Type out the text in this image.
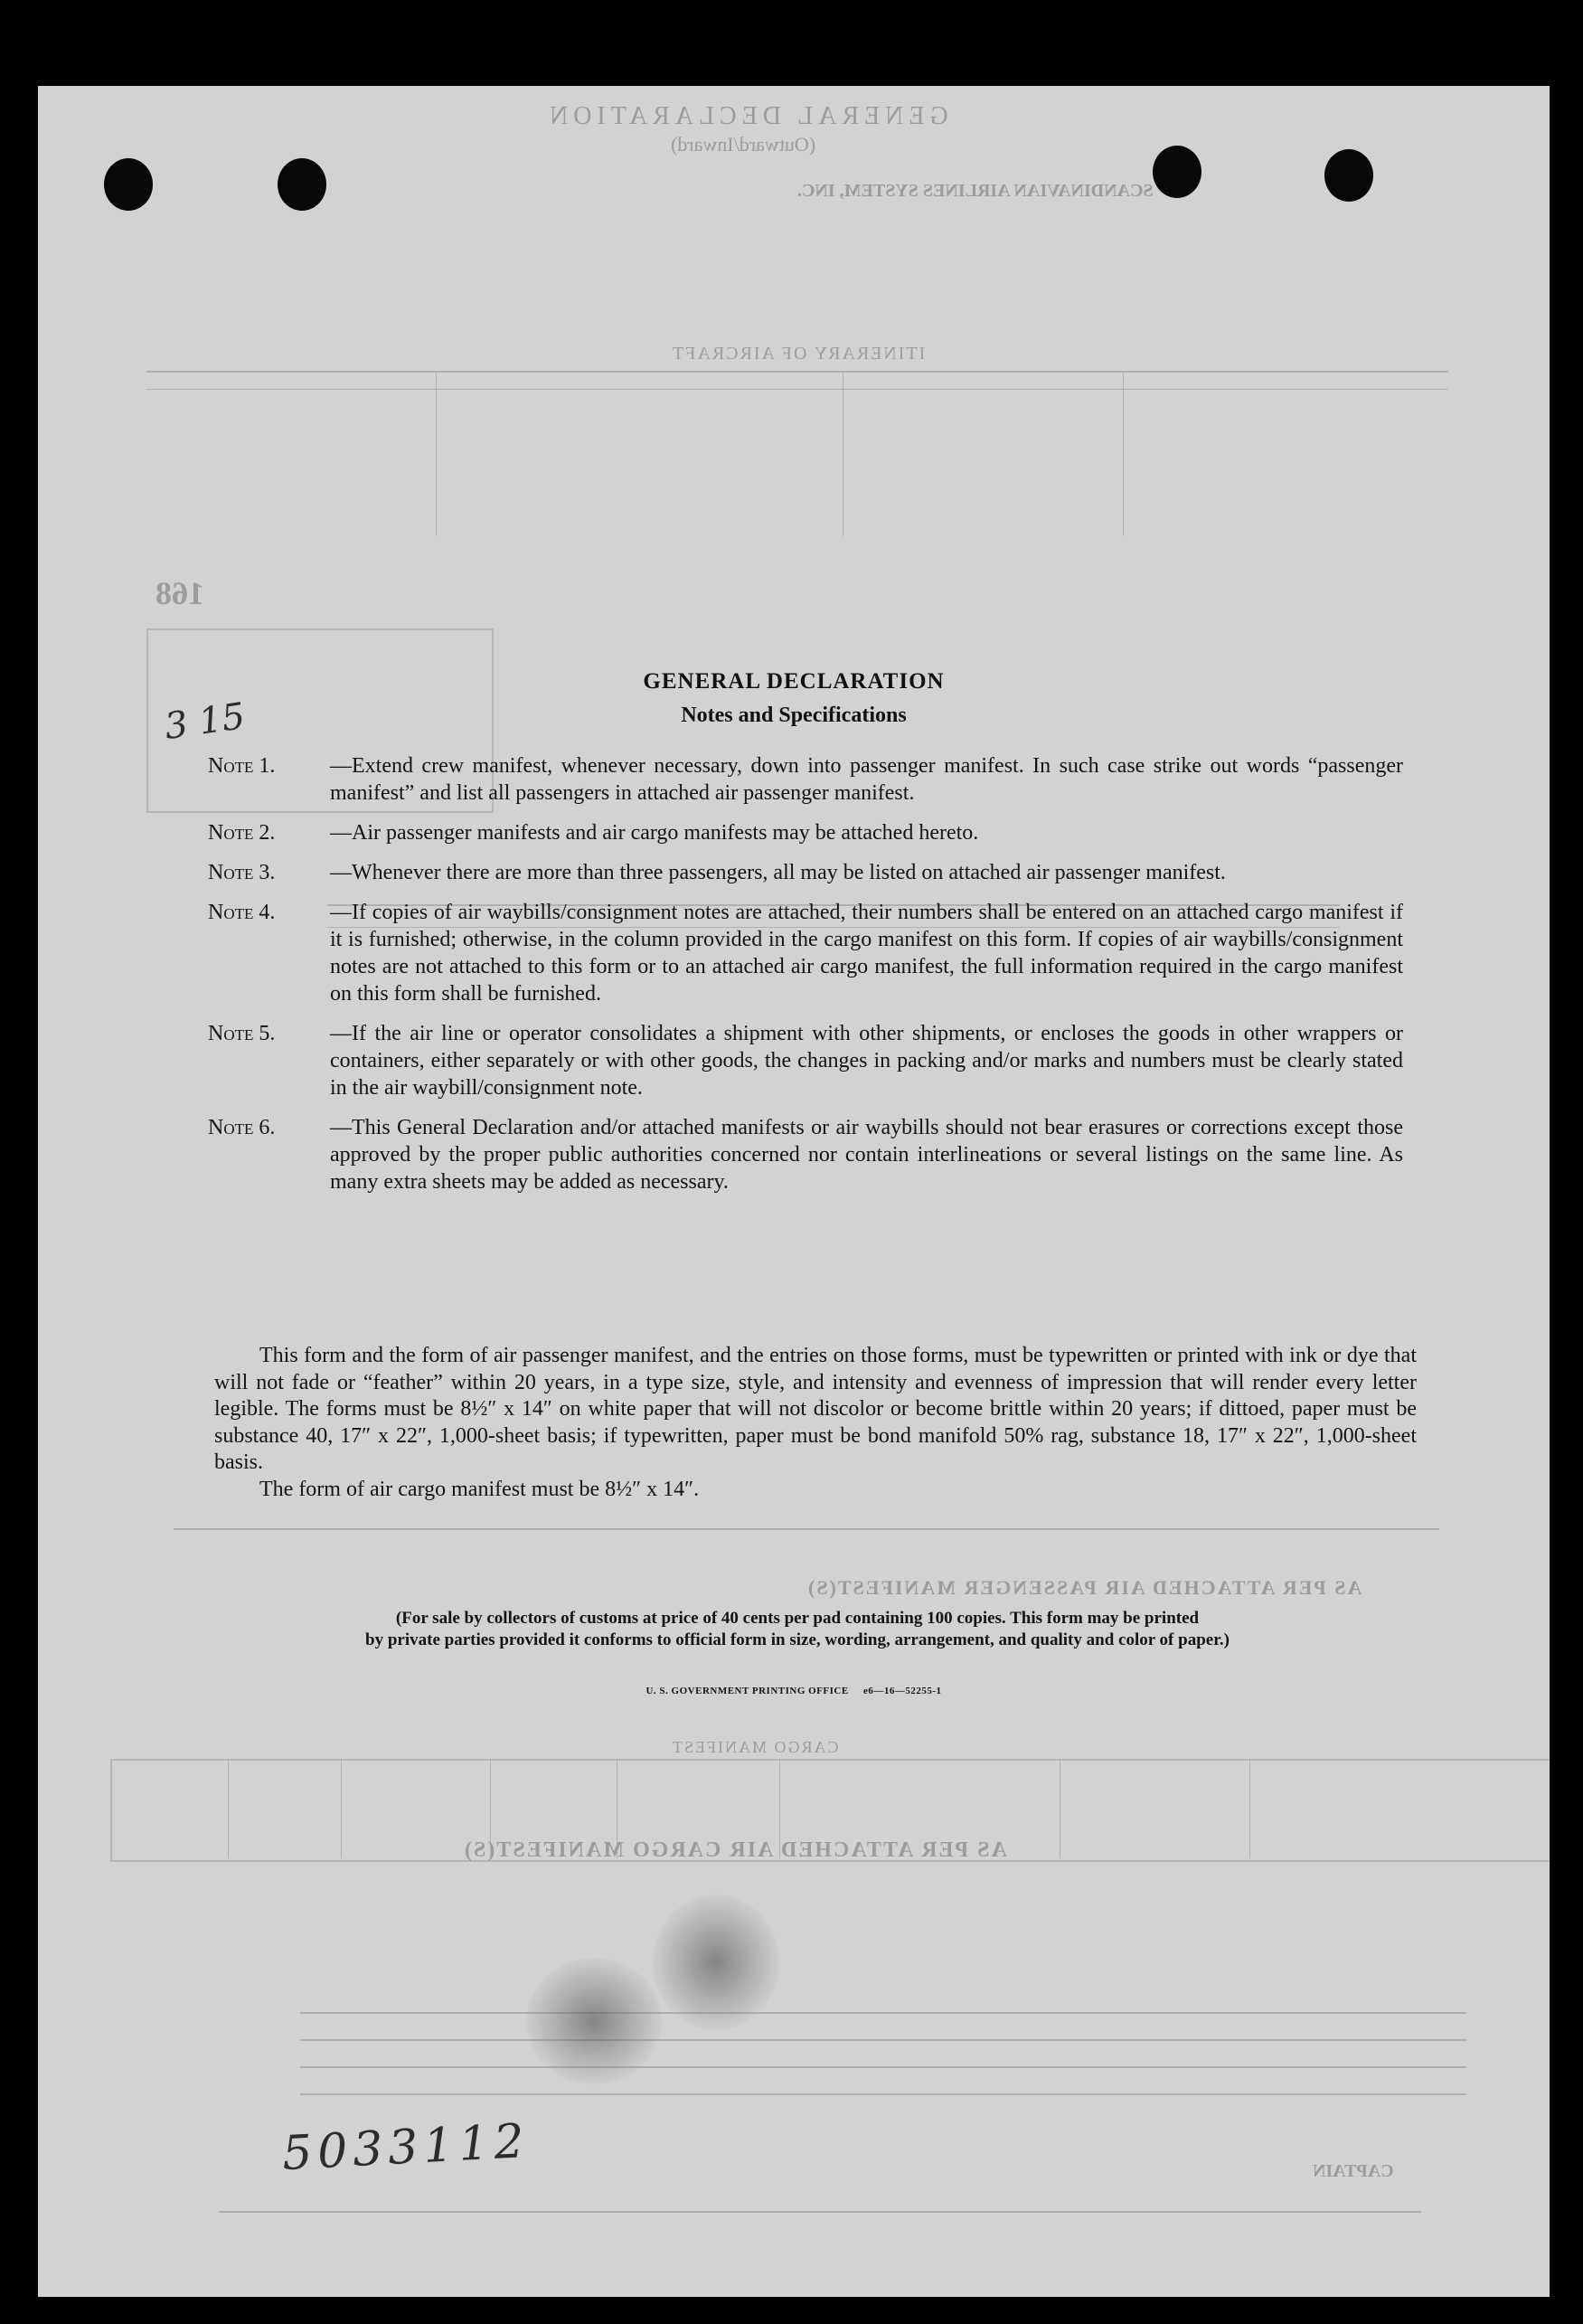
GENERAL DECLARATION
(Outward/Inward)
SCANDINAVIAN AIRLINES SYSTEM, INC.
ITINERARY OF AIRCRAFT
168
AS PER ATTACHED AIR PASSENGER MANIFEST(S)
CARGO MANIFEST
AS PER ATTACHED AIR CARGO MANIFEST(S)
CAPTAIN
3 15
5033112
GENERAL DECLARATION
Notes and Specifications
Note 1.	—Extend crew manifest, whenever necessary, down into passenger manifest. In such case strike out words “passenger manifest” and list all passengers in attached air passenger manifest.
Note 2.	—Air passenger manifests and air cargo manifests may be attached hereto.
Note 3.	—Whenever there are more than three passengers, all may be listed on attached air passenger manifest.
Note 4.	—If copies of air waybills/consignment notes are attached, their numbers shall be entered on an attached cargo manifest if it is furnished; otherwise, in the column provided in the cargo manifest on this form. If copies of air waybills/consignment notes are not attached to this form or to an attached air cargo manifest, the full information required in the cargo manifest on this form shall be furnished.
Note 5.	—If the air line or operator consolidates a shipment with other shipments, or encloses the goods in other wrappers or containers, either separately or with other goods, the changes in packing and/or marks and numbers must be clearly stated in the air waybill/consignment note.
Note 6.	—This General Declaration and/or attached manifests or air waybills should not bear erasures or corrections except those approved by the proper public authorities concerned nor contain interlineations or several listings on the same line. As many extra sheets may be added as necessary.
This form and the form of air passenger manifest, and the entries on those forms, must be typewritten or printed with ink or dye that will not fade or “feather” within 20 years, in a type size, style, and intensity and evenness of impression that will render every letter legible. The forms must be 8½″ x 14″ on white paper that will not discolor or become brittle within 20 years; if dittoed, paper must be substance 40, 17″ x 22″, 1,000-sheet basis; if typewritten, paper must be bond manifold 50% rag, substance 18, 17″ x 22″, 1,000-sheet basis.
The form of air cargo manifest must be 8½″ x 14″.
(For sale by collectors of customs at price of 40 cents per pad containing 100 copies. This form may be printed
by private parties provided it conforms to official form in size, wording, arrangement, and quality and color of paper.)
U. S. GOVERNMENT PRINTING OFFICE     e6—16—52255-1
